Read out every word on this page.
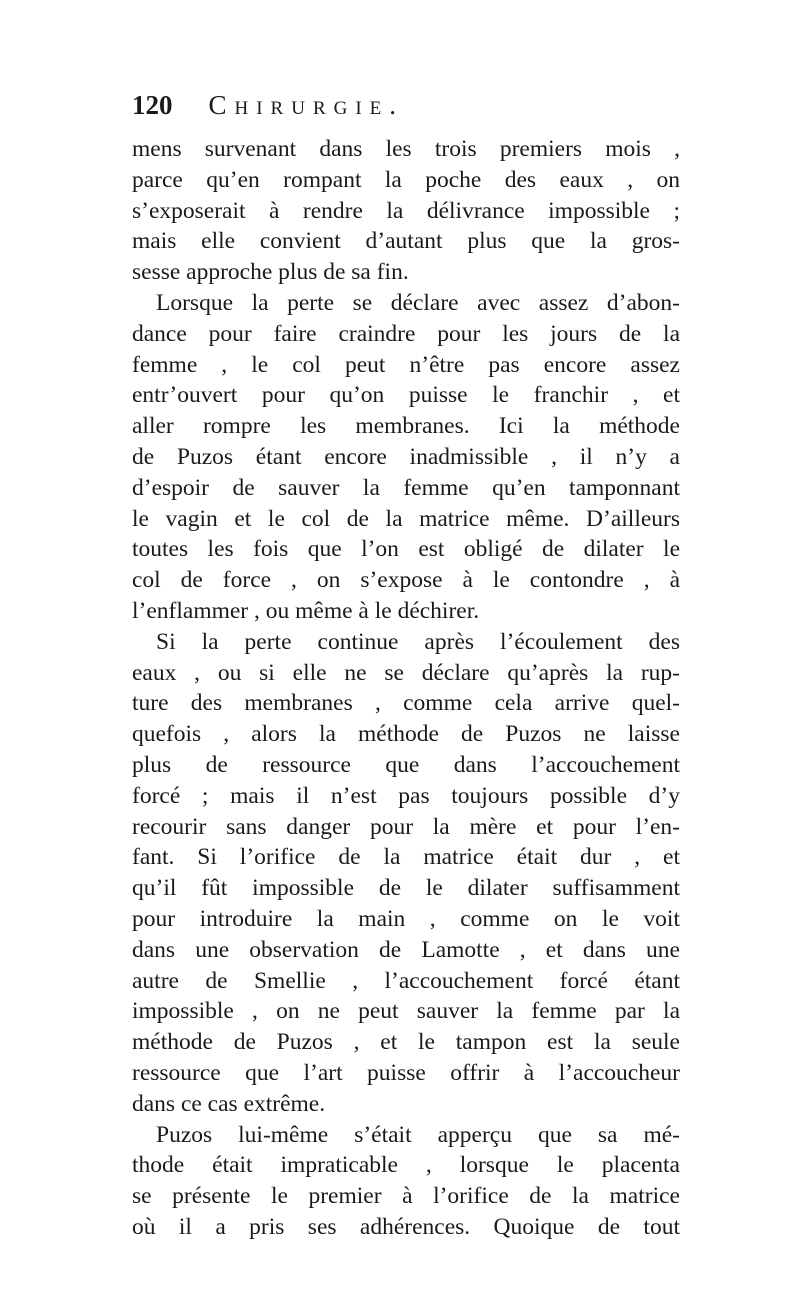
120 Chirurgie.
mens survenant dans les trois premiers mois ,
parce qu’en rompant la poche des eaux , on
s’exposerait à rendre la délivrance impossible ;
mais elle convient d’autant plus que la gros-
sesse approche plus de sa fin.
Lorsque la perte se déclare avec assez d’abon-
dance pour faire craindre pour les jours de la
femme , le col peut n’être pas encore assez
entr’ouvert pour qu’on puisse le franchir , et
aller rompre les membranes. Ici la méthode
de Puzos étant encore inadmissible , il n’y a
d’espoir de sauver la femme qu’en tamponnant
le vagin et le col de la matrice même. D’ailleurs
toutes les fois que l’on est obligé de dilater le
col de force , on s’expose à le contondre , à
l’enflammer , ou même à le déchirer.
Si la perte continue après l’écoulement des
eaux , ou si elle ne se déclare qu’après la rup-
ture des membranes , comme cela arrive quel-
quefois , alors la méthode de Puzos ne laisse
plus de ressource que dans l’accouchement
forcé ; mais il n’est pas toujours possible d’y
recourir sans danger pour la mère et pour l’en-
fant. Si l’orifice de la matrice était dur , et
qu’il fût impossible de le dilater suffisamment
pour introduire la main , comme on le voit
dans une observation de Lamotte , et dans une
autre de Smellie , l’accouchement forcé étant
impossible , on ne peut sauver la femme par la
méthode de Puzos , et le tampon est la seule
ressource que l’art puisse offrir à l’accoucheur
dans ce cas extrême.
Puzos lui-même s’était apperçu que sa mé-
thode était impraticable , lorsque le placenta
se présente le premier à l’orifice de la matrice
où il a pris ses adhérences. Quoique de tout
